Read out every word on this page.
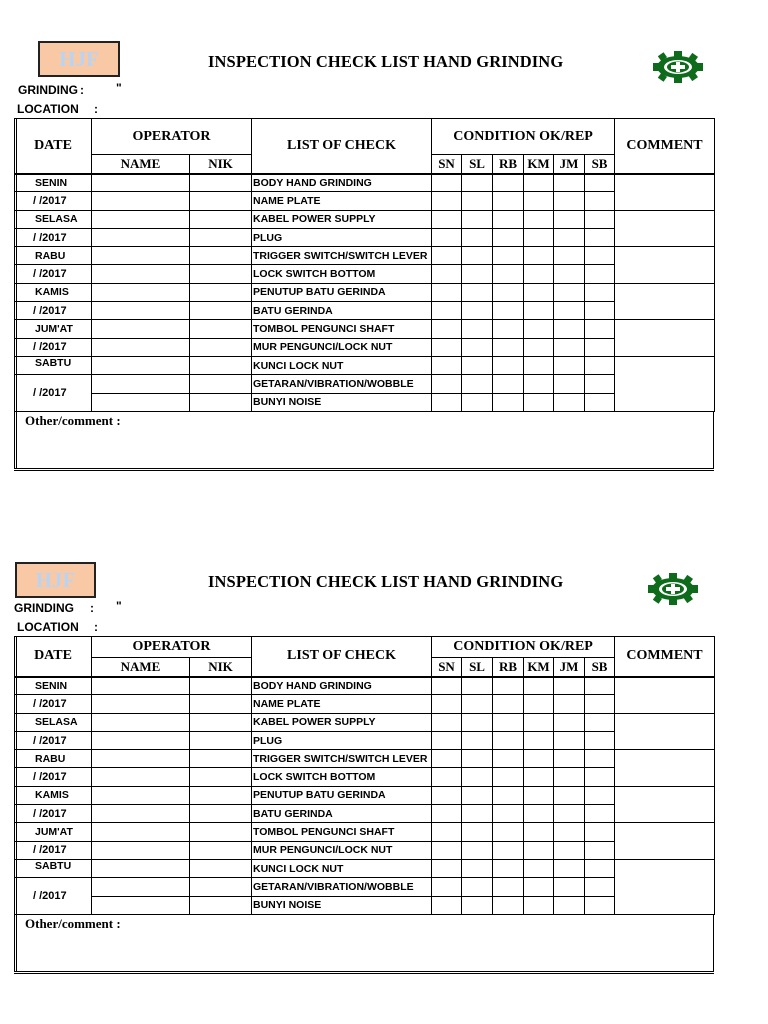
HJF	INSPECTION CHECK LIST HAND GRINDING
GRINDING :	"
LOCATION :
DATE	OPERATOR		LIST OF CHECK	CONDITION OK/REP						COMMENT
	NAME	NIK		SN	SL	RB	KM	JM	SB	
SENIN			BODY HAND GRINDING							
/ /2017			NAME PLATE							
SELASA			KABEL POWER SUPPLY							
/ /2017			PLUG							
RABU			TRIGGER SWITCH/SWITCH LEVER							
/ /2017			LOCK SWITCH BOTTOM							
KAMIS			PENUTUP BATU GERINDA							
/ /2017			BATU GERINDA							
JUM'AT			TOMBOL PENGUNCI SHAFT							
/ /2017			MUR PENGUNCI/LOCK NUT							
SABTU			KUNCI LOCK NUT							
/ /2017			GETARAN/VIBRATION/WOBBLE							
			BUNYI NOISE							
Other/comment :
HJF	INSPECTION CHECK LIST HAND GRINDING
GRINDING : "
LOCATION :
DATE	OPERATOR		LIST OF CHECK	CONDITION OK/REP						COMMENT
	NAME	NIK		SN	SL	RB	KM	JM	SB	
SENIN			BODY HAND GRINDING							
/ /2017			NAME PLATE							
SELASA			KABEL POWER SUPPLY							
/ /2017			PLUG							
RABU			TRIGGER SWITCH/SWITCH LEVER							
/ /2017			LOCK SWITCH BOTTOM							
KAMIS			PENUTUP BATU GERINDA							
/ /2017			BATU GERINDA							
JUM'AT			TOMBOL PENGUNCI SHAFT							
/ /2017			MUR PENGUNCI/LOCK NUT							
SABTU			KUNCI LOCK NUT							
/ /2017			GETARAN/VIBRATION/WOBBLE							
			BUNYI NOISE							
Other/comment :
